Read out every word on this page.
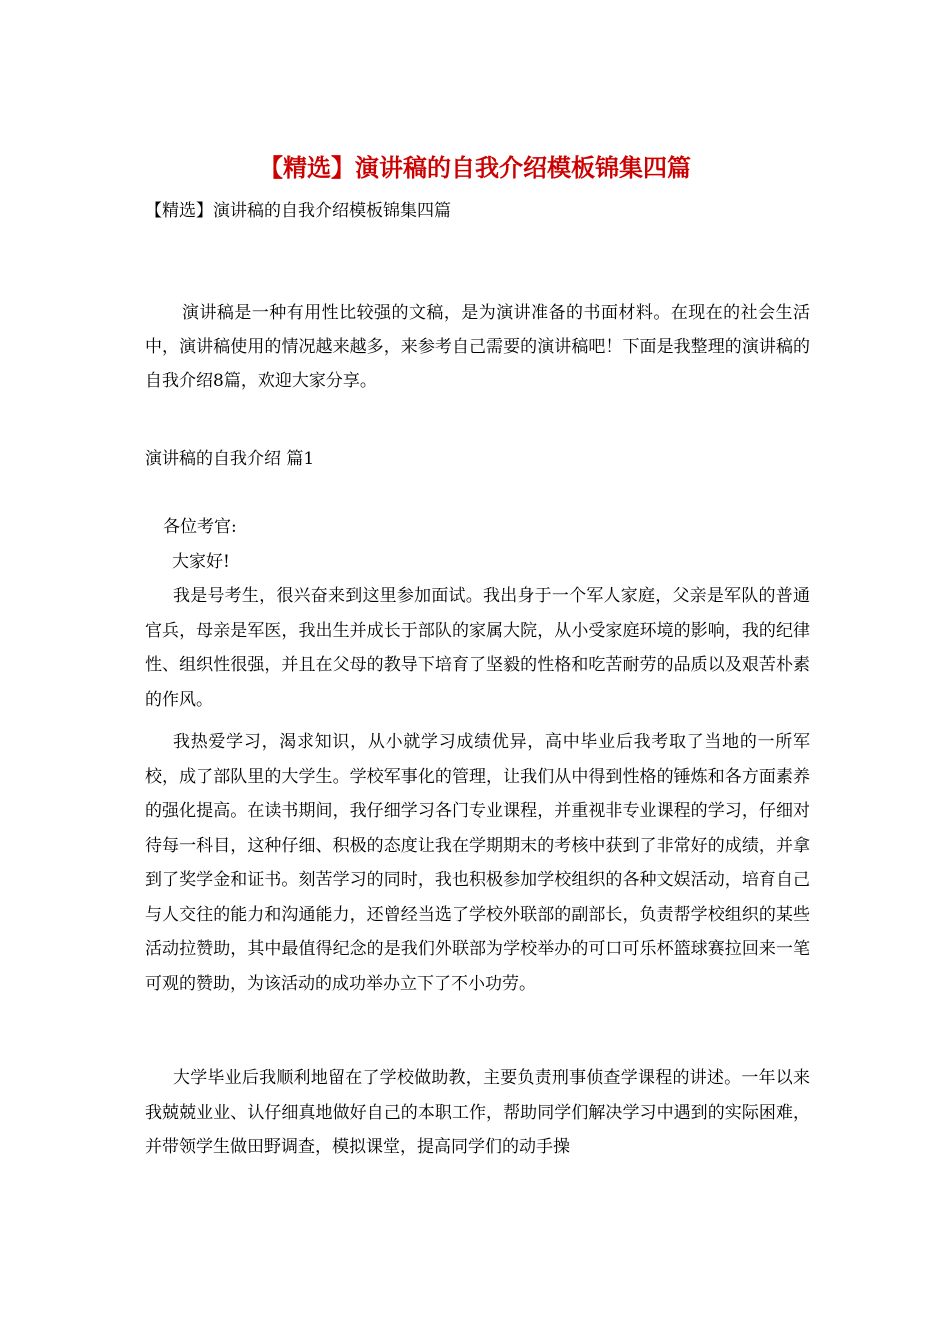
【精选】演讲稿的自我介绍模板锦集四篇

【精选】演讲稿的自我介绍模板锦集四篇

演讲稿是一种有用性比较强的文稿，是为演讲准备的书面材料。在现在的社会生活中，演讲稿使用的情况越来越多，来参考自己需要的演讲稿吧！下面是我整理的演讲稿的自我介绍8篇，欢迎大家分享。

演讲稿的自我介绍 篇1

各位考官:

大家好!

我是号考生，很兴奋来到这里参加面试。我出身于一个军人家庭，父亲是军队的普通官兵，母亲是军医，我出生并成长于部队的家属大院，从小受家庭环境的影响，我的纪律性、组织性很强，并且在父母的教导下培育了坚毅的性格和吃苦耐劳的品质以及艰苦朴素的作风。

我热爱学习，渴求知识，从小就学习成绩优异，高中毕业后我考取了当地的一所军校，成了部队里的大学生。学校军事化的管理，让我们从中得到性格的锤炼和各方面素养的强化提高。在读书期间，我仔细学习各门专业课程，并重视非专业课程的学习，仔细对待每一科目，这种仔细、积极的态度让我在学期期末的考核中获到了非常好的成绩，并拿到了奖学金和证书。刻苦学习的同时，我也积极参加学校组织的各种文娱活动，培育自己与人交往的能力和沟通能力，还曾经当选了学校外联部的副部长，负责帮学校组织的某些活动拉赞助，其中最值得纪念的是我们外联部为学校举办的可口可乐杯篮球赛拉回来一笔可观的赞助，为该活动的成功举办立下了不小功劳。

大学毕业后我顺利地留在了学校做助教，主要负责刑事侦查学课程的讲述。一年以来我兢兢业业、认仔细真地做好自己的本职工作，帮助同学们解决学习中遇到的实际困难，并带领学生做田野调查，模拟课堂，提高同学们的动手操
